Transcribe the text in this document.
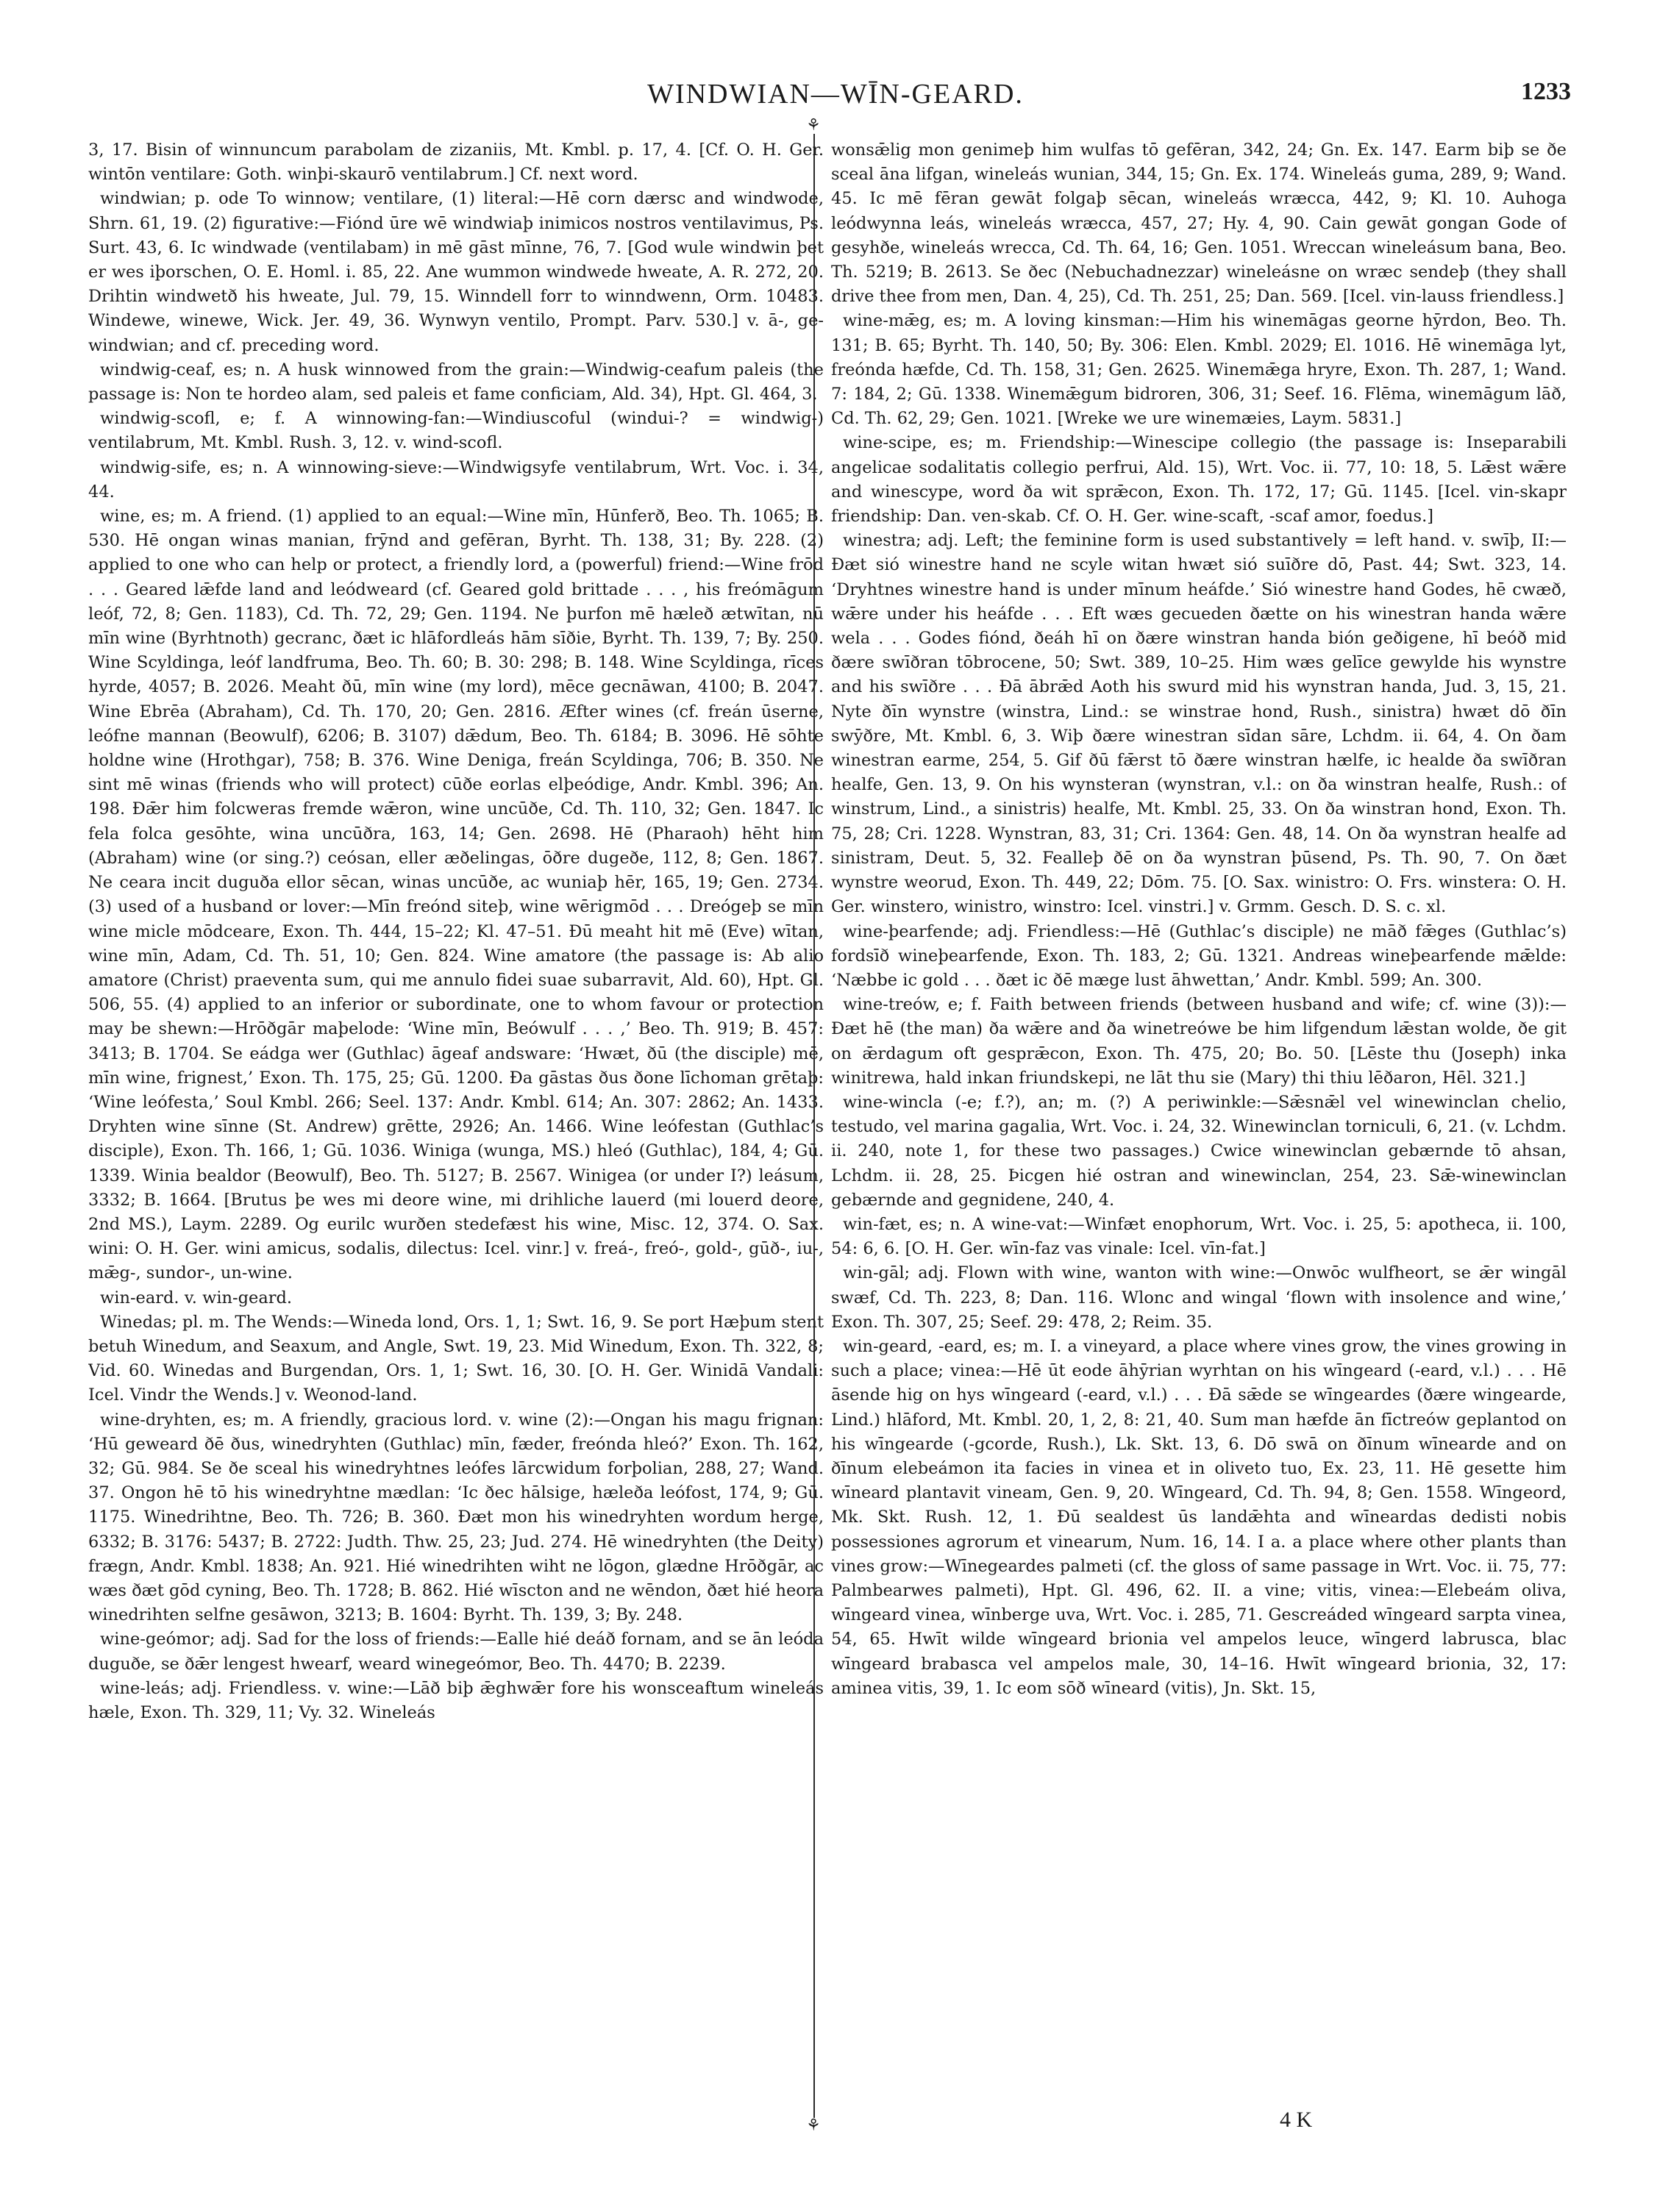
WINDWIAN—WĪN-GEARD.	1233
⚘
⚘

3, 17. Bisin of winnuncum parabolam de zizaniis, Mt. Kmbl. p. 17, 4. [Cf. O. H. Ger. wintōn ventilare: Goth. winþi-skaurō ventilabrum.] Cf. next word.

windwian; p. ode To winnow; ventilare, (1) literal:—Hē corn dærsc and windwode, Shrn. 61, 19. (2) figurative:—Fiónd ūre wē windwiaþ inimicos nostros ventilavimus, Ps. Surt. 43, 6. Ic windwade (ventilabam) in mē gāst mīnne, 76, 7. [God wule windwin þet er wes iþorschen, O. E. Homl. i. 85, 22. Ane wummon windwede hweate, A. R. 272, 20. Drihtin windwetð his hweate, Jul. 79, 15. Winndell forr to winndwenn, Orm. 10483. Windewe, winewe, Wick. Jer. 49, 36. Wynwyn ventilo, Prompt. Parv. 530.] v. ā-, ge-windwian; and cf. preceding word.

windwig-ceaf, es; n. A husk winnowed from the grain:—Windwig-ceafum paleis (the passage is: Non te hordeo alam, sed paleis et fame conficiam, Ald. 34), Hpt. Gl. 464, 3.

windwig-scofl, e; f. A winnowing-fan:—Windiuscoful (windui-? = windwig-) ventilabrum, Mt. Kmbl. Rush. 3, 12. v. wind-scofl.

windwig-sife, es; n. A winnowing-sieve:—Windwigsyfe ventilabrum, Wrt. Voc. i. 34, 44.

wine, es; m. A friend. (1) applied to an equal:—Wine mīn, Hūnferð, Beo. Th. 1065; B. 530. Hē ongan winas manian, frȳnd and gefēran, Byrht. Th. 138, 31; By. 228. (2) applied to one who can help or protect, a friendly lord, a (powerful) friend:—Wine frōd . . . Geared lǣfde land and leódweard (cf. Geared gold brittade . . . , his freómāgum leóf, 72, 8; Gen. 1183), Cd. Th. 72, 29; Gen. 1194. Ne þurfon mē hæleð ætwītan, nū mīn wine (Byrhtnoth) gecranc, ðæt ic hlāfordleás hām sīðie, Byrht. Th. 139, 7; By. 250. Wine Scyldinga, leóf landfruma, Beo. Th. 60; B. 30: 298; B. 148. Wine Scyldinga, rīces hyrde, 4057; B. 2026. Meaht ðū, mīn wine (my lord), mēce gecnāwan, 4100; B. 2047. Wine Ebrēa (Abraham), Cd. Th. 170, 20; Gen. 2816. Æfter wines (cf. freán ūserne, leófne mannan (Beowulf), 6206; B. 3107) dǣdum, Beo. Th. 6184; B. 3096. Hē sōhte holdne wine (Hrothgar), 758; B. 376. Wine Deniga, freán Scyldinga, 706; B. 350. Ne sint mē winas (friends who will protect) cūðe eorlas elþeódige, Andr. Kmbl. 396; An. 198. Ðǣr him folcweras fremde wǣron, wine uncūðe, Cd. Th. 110, 32; Gen. 1847. Ic fela folca gesōhte, wina uncūðra, 163, 14; Gen. 2698. Hē (Pharaoh) hēht him (Abraham) wine (or sing.?) ceósan, eller æðelingas, ōðre dugeðe, 112, 8; Gen. 1867. Ne ceara incit duguða ellor sēcan, winas uncūðe, ac wuniaþ hēr, 165, 19; Gen. 2734. (3) used of a husband or lover:—Mīn freónd siteþ, wine wērigmōd . . . Dreógeþ se mīn wine micle mōdceare, Exon. Th. 444, 15–22; Kl. 47–51. Ðū meaht hit mē (Eve) wītan, wine mīn, Adam, Cd. Th. 51, 10; Gen. 824. Wine amatore (the passage is: Ab alio amatore (Christ) praeventa sum, qui me annulo fidei suae subarravit, Ald. 60), Hpt. Gl. 506, 55. (4) applied to an inferior or subordinate, one to whom favour or protection may be shewn:—Hrōðgār maþelode: ‘Wine mīn, Beówulf . . . ,’ Beo. Th. 919; B. 457: 3413; B. 1704. Se eádga wer (Guthlac) āgeaf andsware: ‘Hwæt, ðū (the disciple) mē, mīn wine, frignest,’ Exon. Th. 175, 25; Gū. 1200. Ða gāstas ðus ðone līchoman grētaþ: ‘Wine leófesta,’ Soul Kmbl. 266; Seel. 137: Andr. Kmbl. 614; An. 307: 2862; An. 1433. Dryhten wine sīnne (St. Andrew) grētte, 2926; An. 1466. Wine leófestan (Guthlac’s disciple), Exon. Th. 166, 1; Gū. 1036. Winiga (wunga, MS.) hleó (Guthlac), 184, 4; Gū. 1339. Winia bealdor (Beowulf), Beo. Th. 5127; B. 2567. Winigea (or under I?) leásum, 3332; B. 1664. [Brutus þe wes mi deore wine, mi drihliche lauerd (mi louerd deore, 2nd MS.), Laym. 2289. Og eurilc wurðen stedefæst his wine, Misc. 12, 374. O. Sax. wini: O. H. Ger. wini amicus, sodalis, dilectus: Icel. vinr.] v. freá-, freó-, gold-, gūð-, iu-, mǣg-, sundor-, un-wine.

win-eard. v. win-geard.

Winedas; pl. m. The Wends:—Wineda lond, Ors. 1, 1; Swt. 16, 9. Se port Hæþum stent betuh Winedum, and Seaxum, and Angle, Swt. 19, 23. Mid Winedum, Exon. Th. 322, 8; Vid. 60. Winedas and Burgendan, Ors. 1, 1; Swt. 16, 30. [O. H. Ger. Winidā Vandali: Icel. Vindr the Wends.] v. Weonod-land.

wine-dryhten, es; m. A friendly, gracious lord. v. wine (2):—Ongan his magu frignan: ‘Hū geweard ðē ðus, winedryhten (Guthlac) mīn, fæder, freónda hleó?’ Exon. Th. 162, 32; Gū. 984. Se ðe sceal his winedryhtnes leófes lārcwidum forþolian, 288, 27; Wand. 37. Ongon hē tō his winedryhtne mædlan: ‘Ic ðec hālsige, hæleða leófost, 174, 9; Gū. 1175. Winedrihtne, Beo. Th. 726; B. 360. Ðæt mon his winedryhten wordum herge, 6332; B. 3176: 5437; B. 2722: Judth. Thw. 25, 23; Jud. 274. Hē winedryhten (the Deity) frægn, Andr. Kmbl. 1838; An. 921. Hié winedrihten wiht ne lōgon, glædne Hrōðgār, ac wæs ðæt gōd cyning, Beo. Th. 1728; B. 862. Hié wīscton and ne wēndon, ðæt hié heora winedrihten selfne gesāwon, 3213; B. 1604: Byrht. Th. 139, 3; By. 248.

wine-geómor; adj. Sad for the loss of friends:—Ealle hié deáð fornam, and se ān leóda duguðe, se ðǣr lengest hwearf, weard winegeómor, Beo. Th. 4470; B. 2239.

wine-leás; adj. Friendless. v. wine:—Lāð biþ ǣghwǣr fore his wonsceaftum wineleás hæle, Exon. Th. 329, 11; Vy. 32. Wineleás

wonsǣlig mon genimeþ him wulfas tō gefēran, 342, 24; Gn. Ex. 147. Earm biþ se ðe sceal āna lifgan, wineleás wunian, 344, 15; Gn. Ex. 174. Wineleás guma, 289, 9; Wand. 45. Ic mē fēran gewāt folgaþ sēcan, wineleás wræcca, 442, 9; Kl. 10. Auhoga leódwynna leás, wineleás wræcca, 457, 27; Hy. 4, 90. Cain gewāt gongan Gode of gesyhðe, wineleás wrecca, Cd. Th. 64, 16; Gen. 1051. Wreccan wineleásum bana, Beo. Th. 5219; B. 2613. Se ðec (Nebuchadnezzar) wineleásne on wræc sendeþ (they shall drive thee from men, Dan. 4, 25), Cd. Th. 251, 25; Dan. 569. [Icel. vin-lauss friendless.]

wine-mǣg, es; m. A loving kinsman:—Him his winemāgas georne hȳrdon, Beo. Th. 131; B. 65; Byrht. Th. 140, 50; By. 306: Elen. Kmbl. 2029; El. 1016. Hē winemāga lyt, freónda hæfde, Cd. Th. 158, 31; Gen. 2625. Winemǣga hryre, Exon. Th. 287, 1; Wand. 7: 184, 2; Gū. 1338. Winemǣgum bidroren, 306, 31; Seef. 16. Flēma, winemāgum lāð, Cd. Th. 62, 29; Gen. 1021. [Wreke we ure winemæies, Laym. 5831.]

wine-scipe, es; m. Friendship:—Winescipe collegio (the passage is: Inseparabili angelicae sodalitatis collegio perfrui, Ald. 15), Wrt. Voc. ii. 77, 10: 18, 5. Lǣst wǣre and winescype, word ða wit sprǣcon, Exon. Th. 172, 17; Gū. 1145. [Icel. vin-skapr friendship: Dan. ven-skab. Cf. O. H. Ger. wine-scaft, -scaf amor, foedus.]

winestra; adj. Left; the feminine form is used substantively = left hand. v. swīþ, II:—Ðæt sió winestre hand ne scyle witan hwæt sió suīðre dō, Past. 44; Swt. 323, 14. ‘Dryhtnes winestre hand is under mīnum heáfde.’ Sió winestre hand Godes, hē cwæð, wǣre under his heáfde . . . Eft wæs gecueden ðætte on his winestran handa wǣre wela . . . Godes fiónd, ðeáh hī on ðære winstran handa bión geðigene, hī beóð mid ðære swīðran tōbrocene, 50; Swt. 389, 10–25. Him wæs gelīce gewylde his wynstre and his swīðre . . . Ðā ābrǣd Aoth his swurd mid his wynstran handa, Jud. 3, 15, 21. Nyte ðīn wynstre (winstra, Lind.: se winstrae hond, Rush., sinistra) hwæt dō ðīn swȳðre, Mt. Kmbl. 6, 3. Wiþ ðære winestran sīdan sāre, Lchdm. ii. 64, 4. On ðam winestran earme, 254, 5. Gif ðū fǣrst tō ðære winstran hælfe, ic healde ða swīðran healfe, Gen. 13, 9. On his wynsteran (wynstran, v.l.: on ða winstran healfe, Rush.: of winstrum, Lind., a sinistris) healfe, Mt. Kmbl. 25, 33. On ða winstran hond, Exon. Th. 75, 28; Cri. 1228. Wynstran, 83, 31; Cri. 1364: Gen. 48, 14. On ða wynstran healfe ad sinistram, Deut. 5, 32. Fealleþ ðē on ða wynstran þūsend, Ps. Th. 90, 7. On ðæt wynstre weorud, Exon. Th. 449, 22; Dōm. 75. [O. Sax. winistro: O. Frs. winstera: O. H. Ger. winstero, winistro, winstro: Icel. vinstri.] v. Grmm. Gesch. D. S. c. xl.

wine-þearfende; adj. Friendless:—Hē (Guthlac’s disciple) ne māð fǣges (Guthlac’s) fordsīð wineþearfende, Exon. Th. 183, 2; Gū. 1321. Andreas wineþearfende mǣlde: ‘Næbbe ic gold . . . ðæt ic ðē mæge lust āhwettan,’ Andr. Kmbl. 599; An. 300.

wine-treów, e; f. Faith between friends (between husband and wife; cf. wine (3)):—Ðæt hē (the man) ða wǣre and ða winetreówe be him lifgendum lǣstan wolde, ðe git on ǣrdagum oft gesprǣcon, Exon. Th. 475, 20; Bo. 50. [Lēste thu (Joseph) inka winitrewa, hald inkan friundskepi, ne lāt thu sie (Mary) thi thiu lēðaron, Hēl. 321.]

wine-wincla (-e; f.?), an; m. (?) A periwinkle:—Sǣsnǣl vel winewinclan chelio, testudo, vel marina gagalia, Wrt. Voc. i. 24, 32. Winewinclan torniculi, 6, 21. (v. Lchdm. ii. 240, note 1, for these two passages.) Cwice winewinclan gebærnde tō ahsan, Lchdm. ii. 28, 25. Þicgen hié ostran and winewinclan, 254, 23. Sǣ-winewinclan gebærnde and gegnidene, 240, 4.

win-fæt, es; n. A wine-vat:—Winfæt enophorum, Wrt. Voc. i. 25, 5: apotheca, ii. 100, 54: 6, 6. [O. H. Ger. wīn-faz vas vinale: Icel. vīn-fat.]

win-gāl; adj. Flown with wine, wanton with wine:—Onwōc wulfheort, se ǣr wingāl swæf, Cd. Th. 223, 8; Dan. 116. Wlonc and wingal ‘flown with insolence and wine,’ Exon. Th. 307, 25; Seef. 29: 478, 2; Reim. 35.

win-geard, -eard, es; m. I. a vineyard, a place where vines grow, the vines growing in such a place; vinea:—Hē ūt eode āhȳrian wyrhtan on his wīngeard (-eard, v.l.) . . . Hē āsende hig on hys wīngeard (-eard, v.l.) . . . Ðā sǣde se wīngeardes (ðære wingearde, Lind.) hlāford, Mt. Kmbl. 20, 1, 2, 8: 21, 40. Sum man hæfde ān fīctreów geplantod on his wīngearde (-gcorde, Rush.), Lk. Skt. 13, 6. Dō swā on ðīnum wīnearde and on ðīnum elebeámon ita facies in vinea et in oliveto tuo, Ex. 23, 11. Hē gesette him wīneard plantavit vineam, Gen. 9, 20. Wīngeard, Cd. Th. 94, 8; Gen. 1558. Wīngeord, Mk. Skt. Rush. 12, 1. Ðū sealdest ūs landǣhta and wīneardas dedisti nobis possessiones agrorum et vinearum, Num. 16, 14. I a. a place where other plants than vines grow:—Wīnegeardes palmeti (cf. the gloss of same passage in Wrt. Voc. ii. 75, 77: Palmbearwes palmeti), Hpt. Gl. 496, 62. II. a vine; vitis, vinea:—Elebeám oliva, wīngeard vinea, wīnberge uva, Wrt. Voc. i. 285, 71. Gescreáded wīngeard sarpta vinea, 54, 65. Hwīt wilde wīngeard brionia vel ampelos leuce, wīngerd labrusca, blac wīngeard brabasca vel ampelos male, 30, 14–16. Hwīt wīngeard brionia, 32, 17: aminea vitis, 39, 1. Ic eom sōð wīneard (vitis), Jn. Skt. 15,

4 K
